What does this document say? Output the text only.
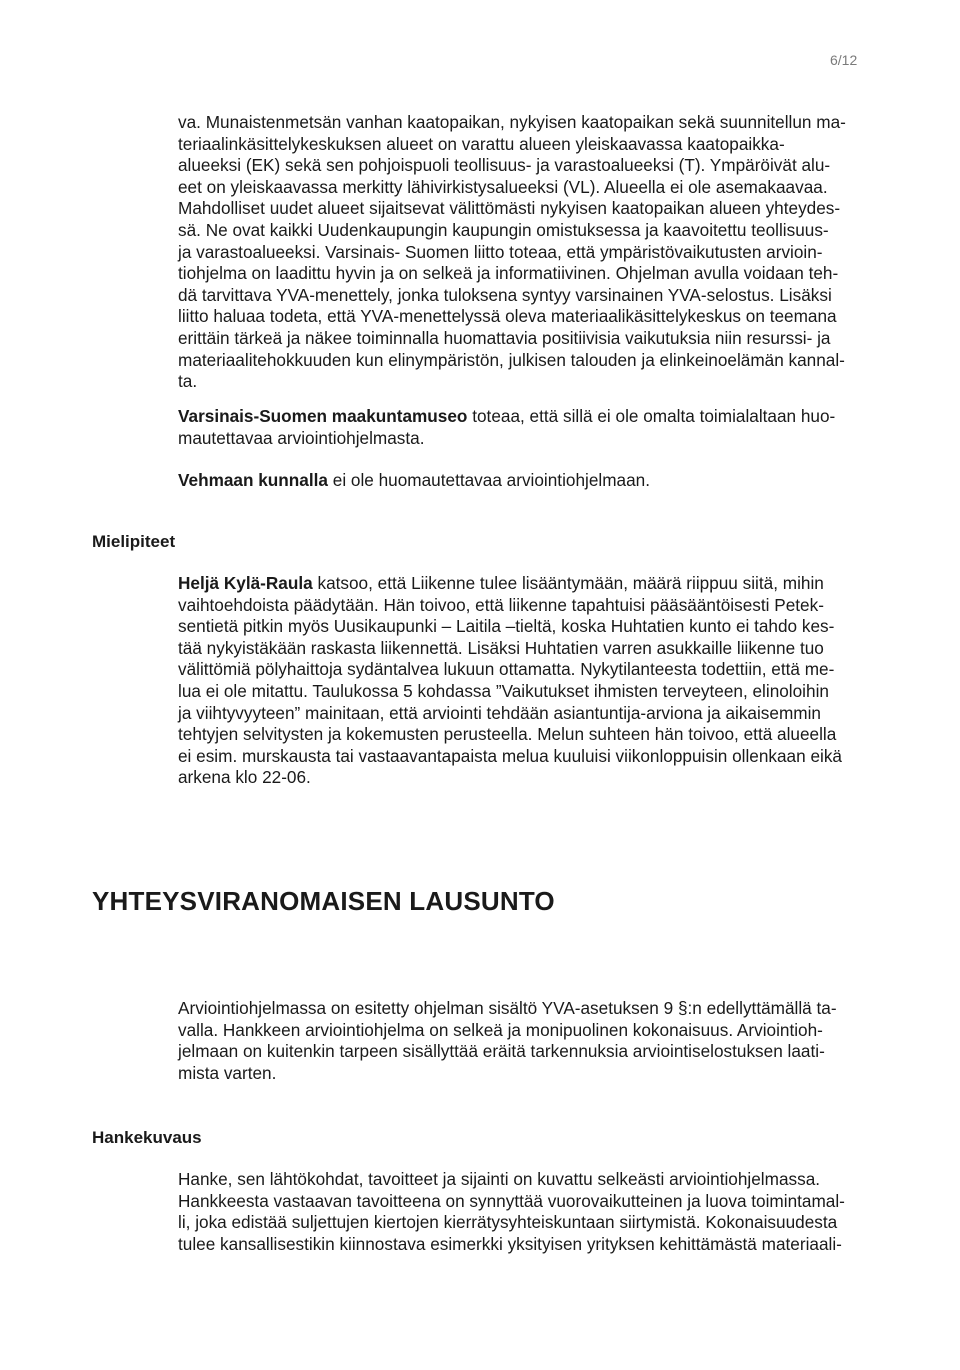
6/12

va. Munaistenmetsän vanhan kaatopaikan, nykyisen kaatopaikan sekä suunnitellun ma-
teriaalinkäsittelykeskuksen alueet on varattu alueen yleiskaavassa kaatopaikka-
alueeksi (EK) sekä sen pohjoispuoli teollisuus- ja varastoalueeksi (T). Ympäröivät alu-
eet on yleiskaavassa merkitty lähivirkistysalueeksi (VL). Alueella ei ole asemakaavaa.
Mahdolliset uudet alueet sijaitsevat välittömästi nykyisen kaatopaikan alueen yhteydes-
sä. Ne ovat kaikki Uudenkaupungin kaupungin omistuksessa ja kaavoitettu teollisuus-
ja varastoalueeksi. Varsinais- Suomen liitto toteaa, että ympäristövaikutusten arvioin-
tiohjelma on laadittu hyvin ja on selkeä ja informatiivinen. Ohjelman avulla voidaan teh-
dä tarvittava YVA-menettely, jonka tuloksena syntyy varsinainen YVA-selostus. Lisäksi
liitto haluaa todeta, että YVA-menettelyssä oleva materiaalikäsittelykeskus on teemana
erittäin tärkeä ja näkee toiminnalla huomattavia positiivisia vaikutuksia niin resurssi- ja
materiaalitehokkuuden kun elinympäristön, julkisen talouden ja elinkeinoelämän kannal-
ta.

Varsinais-Suomen maakuntamuseo toteaa, että sillä ei ole omalta toimialaltaan huo-
mautettavaa arviointiohjelmasta.

Vehmaan kunnalla ei ole huomautettavaa arviointiohjelmaan.

Mielipiteet

Heljä Kylä-Raula katsoo, että Liikenne tulee lisääntymään, määrä riippuu siitä, mihin
vaihtoehdoista päädytään. Hän toivoo, että liikenne tapahtuisi pääsääntöisesti Petek-
sentietä pitkin myös Uusikaupunki – Laitila –tieltä, koska Huhtatien kunto ei tahdo kes-
tää nykyistäkään raskasta liikennettä. Lisäksi Huhtatien varren asukkaille liikenne tuo
välittömiä pölyhaittoja sydäntalvea lukuun ottamatta. Nykytilanteesta todettiin, että me-
lua ei ole mitattu. Taulukossa 5 kohdassa ”Vaikutukset ihmisten terveyteen, elinoloihin
ja viihtyvyyteen” mainitaan, että arviointi tehdään asiantuntija-arviona ja aikaisemmin
tehtyjen selvitysten ja kokemusten perusteella. Melun suhteen hän toivoo, että alueella
ei esim. murskausta tai vastaavantapaista melua kuuluisi viikonloppuisin ollenkaan eikä
arkena klo 22-06.

YHTEYSVIRANOMAISEN LAUSUNTO

Arviointiohjelmassa on esitetty ohjelman sisältö YVA-asetuksen 9 §:n edellyttämällä ta-
valla. Hankkeen arviointiohjelma on selkeä ja monipuolinen kokonaisuus. Arviointioh-
jelmaan on kuitenkin tarpeen sisällyttää eräitä tarkennuksia arviointiselostuksen laati-
mista varten.

Hankekuvaus

Hanke, sen lähtökohdat, tavoitteet ja sijainti on kuvattu selkeästi arviointiohjelmassa.
Hankkeesta vastaavan tavoitteena on synnyttää vuorovaikutteinen ja luova toimintamal-
li, joka edistää suljettujen kiertojen kierrätysyhteiskuntaan siirtymistä. Kokonaisuudesta
tulee kansallisestikin kiinnostava esimerkki yksityisen yrityksen kehittämästä materiaali-
